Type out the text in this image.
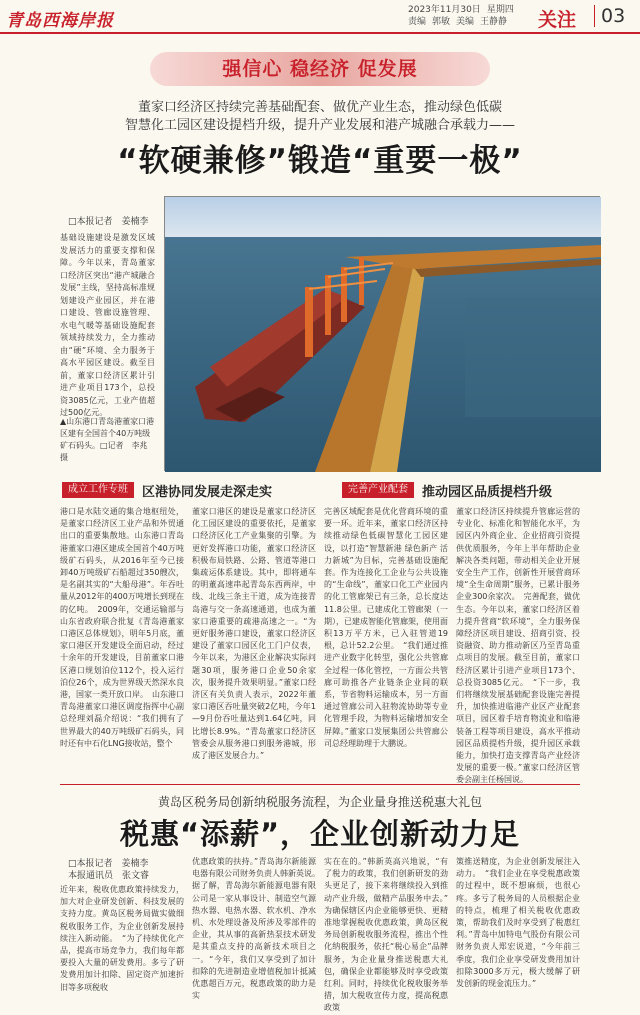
青岛西海岸报
2023年11月30日 星期四
责编 郭敏 美编 王静静 关注	03
强信心 稳经济 促发展
董家口经济区持续完善基础配套、做优产业生态，推动绿色低碳
智慧化工园区建设提档升级，提升产业发展和港产城融合承载力——
“软硬兼修”锻造“重要一极”
□本报记者　姜楠李
基础设施建设是激发区域发展活力的重要支撑和保障。今年以来，青岛董家口经济区突出“港产城融合发展”主线，坚持高标准规划建设产业园区，并在港口建设、管廊设施管理、水电气暖等基础设施配套领域持续发力，全力推动由“硬”环境、全力服务于高水平园区建设。截至目前，董家口经济区累计引进产业项目173个，总投资3085亿元，工业产值超过500亿元。
▲山东港口青岛港董家口港区建有全国首个40万吨级矿石码头。□记者　李兆　摄
成立工作专班	区港协同发展走深走实	完善产业配套	推动园区品质提档升级
港口是水陆交通的集合地枢纽处，是董家口经济区工业产品和外贸通出口的重要集散地。山东港口青岛港董家口港区建成全国首个40万吨级矿石码头，从2016年至今已接卸40万吨级矿石船超过350艘次，是名副其实的“大船母港”。年吞吐量从2012年的400万吨增长到现在的亿吨。　2009年，交通运输部与山东省政府联合批复《青岛港董家口港区总体规划》，明年5月底，董家口港区开发建设全面启动，经过十余年的开发建设，目前董家口港区港口规划泊位112个，投入运行泊位26个，成为世界级天然深水良港，国家一类开放口岸。　山东港口青岛港董家口港区调度指挥中心副总经理刘磊介绍说：“我们拥有了世界最大的40万吨级矿石码头，同时还有中石化LNG接收站，整个
董家口港区的建设是董家口经济区化工园区建设的重要依托，是董家口经济区化工产业集聚的引擎。为更好发挥港口功能，董家口经济区积极布局铁路、公路、管道等港口集疏运体系建设。其中，即将通车的明董高速串起青岛东西两岸，中线、北线三条主干道，成为连接青岛港与交一条高速通道，也成为董家口港重要的疏港高速之一。“为更好服务港口建设，董家口经济区建设了董家口园区化工门户仪表，今年以来，为港区企业解决实际问题30项，服务港口企业50余家次，服务提升效果明显。”董家口经济区有关负责人表示，2022年董家口港区吞吐量突破2亿吨，今年1—9月份吞吐量达到1.64亿吨，同比增长8.9%。“青岛董家口经济区管委会从服务港口到服务港城，形成了港区发展合力。”
完善区域配套是优化营商环境的重要一环。近年来，董家口经济区持续推动绿色低碳智慧化工园区建设，以打造“智慧新港 绿色新产 活力新城”为目标，完善基础设施配套。作为连接化工企业与公共设施的“生命线”，董家口化工产业园内的化工管廊架已有三条，总长度达11.8公里。已建成化工管廊架（一期），已建成智能化管廊架，使用面积13万平方米，已入驻管道19根，总计52.2公里。　“我们通过推进产业数字化转型，强化公共管廊全过程一体化管控，一方面公共管廊可助推各产业链条企业间的联系，节省物料运输成本，另一方面通过管廊公司入驻物流协助等专业化管理手段，为物料运输增加安全屏障。”董家口发展集团公共管廊公司总经理助理于大鹏说。
董家口经济区持续提升管廊运营的专业化、标准化和智能化水平，为园区内外商企业、企业招商引资提供优质服务，今年上半年帮助企业解决各类问题，带动相关企业开展安全生产工作，创新性开展营商环境“全生命周期”服务，已累计服务企业300余家次。　完善配套，做优生态。今年以来，董家口经济区着力提升营商“软环境”，全力服务保障经济区项目建设、招商引资、投资融资、助力推动新区乃至青岛重点项目的发展。截至目前，董家口经济区累计引进产业项目173个、总投资3085亿元。　“下一步，我们将继续发展基础配套设施完善提升，加快推进临港产业区产业配套项目，园区着手培育物流业和临港装备工程等项目建设，高水平推动园区品质提档升级，提升园区承载能力，加快打造支撑青岛产业经济发展的重要一极。”董家口经济区管委会副主任杨国说。
黄岛区税务局创新纳税服务流程，为企业量身推送税惠大礼包
税惠“添薪”，企业创新动力足
□本报记者　姜楠李
本报通讯员　张文睿
近年来，税收优惠政策持续发力，加大对企业研发创新、科技发展的支持力度。黄岛区税务局做实做细税收服务工作，为企业创新发展持续注入新动能。　“为了持续优化产品，提高市场竞争力，我们每年都要投入大量的研发费用。多亏了研发费用加计扣除、固定资产加速折旧等多项税收
优惠政策的扶持。”青岛海尔新能源电器有限公司财务负责人韩新英说。　据了解，青岛海尔新能源电器有限公司是一家从事设计、制造空气源热水器、电热水器、软水机、净水机、水处理设备及所涉及零部件的企业，其从事的高新热泵技术研发是其重点支持的高新技术项目之一。“今年，我们又享受到了加计扣除的先进制造业增值税加计抵减优惠超百万元，税惠政策的助力是实
实在在的。”韩新英高兴地说，“有了税力的政策，我们创新研发的劲头更足了，接下来将继续投入到推动产业升级，做精产品服务中去。”　为确保辖区内企业能够更快、更精准地掌握税收优惠政策，黄岛区税务局创新税收服务流程，推出个性化纳税服务，依托“税心易企”品牌服务，为企业量身推送税惠大礼包，确保企业都能够及时享受政策红利。同时，持续优化税收服务举措，加大税收宣传力度，提高税惠政策
策推送精度，为企业创新发展注入动力。　“我们企业在享受税惠政策的过程中，既不想麻烦，也很心疼。多亏了税务局的人员根据企业的特点，梳理了相关税收优惠政策，帮助我们及时享受到了税惠红利。”青岛中加特电气股份有限公司财务负责人郑宏说道，“今年前三季度，我们企业享受研发费用加计扣除3000多万元，极大缓解了研发创新的现金流压力。”
